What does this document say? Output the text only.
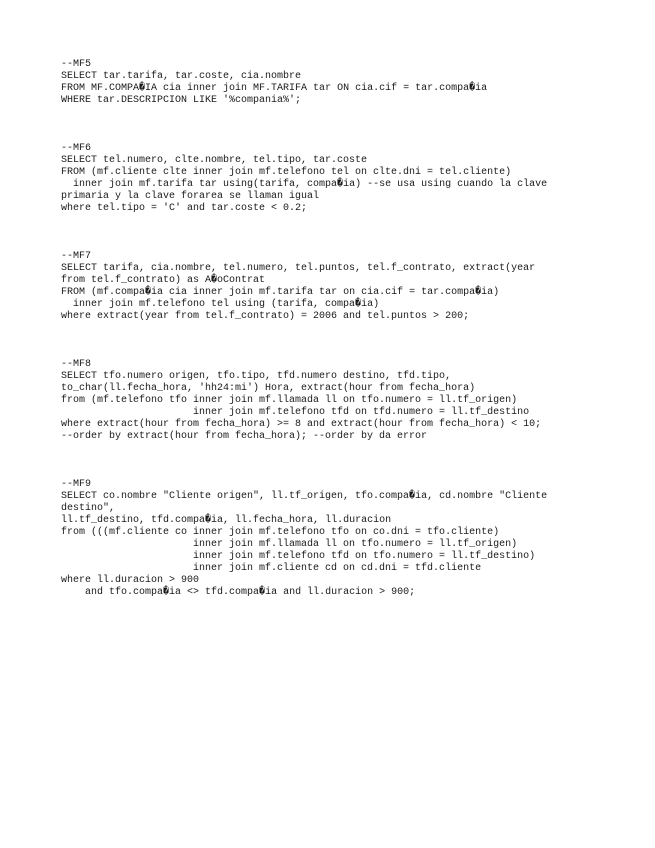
--MF5
SELECT tar.tarifa, tar.coste, cia.nombre
FROM MF.COMPA�IA cia inner join MF.TARIFA tar ON cia.cif = tar.compa�ia
WHERE tar.DESCRIPCION LIKE '%compania%';
--MF6
SELECT tel.numero, clte.nombre, tel.tipo, tar.coste
FROM (mf.cliente clte inner join mf.telefono tel on clte.dni = tel.cliente)
inner join mf.tarifa tar using(tarifa, compa�ia) --se usa using cuando la clave
primaria y la clave forarea se llaman igual
where tel.tipo = 'C' and tar.coste < 0.2;
--MF7
SELECT tarifa, cia.nombre, tel.numero, tel.puntos, tel.f_contrato, extract(year
from tel.f_contrato) as A�oContrat
FROM (mf.compa�ia cia inner join mf.tarifa tar on cia.cif = tar.compa�ia)
inner join mf.telefono tel using (tarifa, compa�ia)
where extract(year from tel.f_contrato) = 2006 and tel.puntos > 200;
--MF8
SELECT tfo.numero origen, tfo.tipo, tfd.numero destino, tfd.tipo,
to_char(ll.fecha_hora, 'hh24:mi') Hora, extract(hour from fecha_hora)
from (mf.telefono tfo inner join mf.llamada ll on tfo.numero = ll.tf_origen)
inner join mf.telefono tfd on tfd.numero = ll.tf_destino
where extract(hour from fecha_hora) >= 8 and extract(hour from fecha_hora) < 10;
--order by extract(hour from fecha_hora); --order by da error
--MF9
SELECT co.nombre "Cliente origen", ll.tf_origen, tfo.compa�ia, cd.nombre "Cliente
destino",
ll.tf_destino, tfd.compa�ia, ll.fecha_hora, ll.duracion
from (((mf.cliente co inner join mf.telefono tfo on co.dni = tfo.cliente)
inner join mf.llamada ll on tfo.numero = ll.tf_origen)
inner join mf.telefono tfd on tfo.numero = ll.tf_destino)
inner join mf.cliente cd on cd.dni = tfd.cliente
where ll.duracion > 900
and tfo.compa�ia <> tfd.compa�ia and ll.duracion > 900;
